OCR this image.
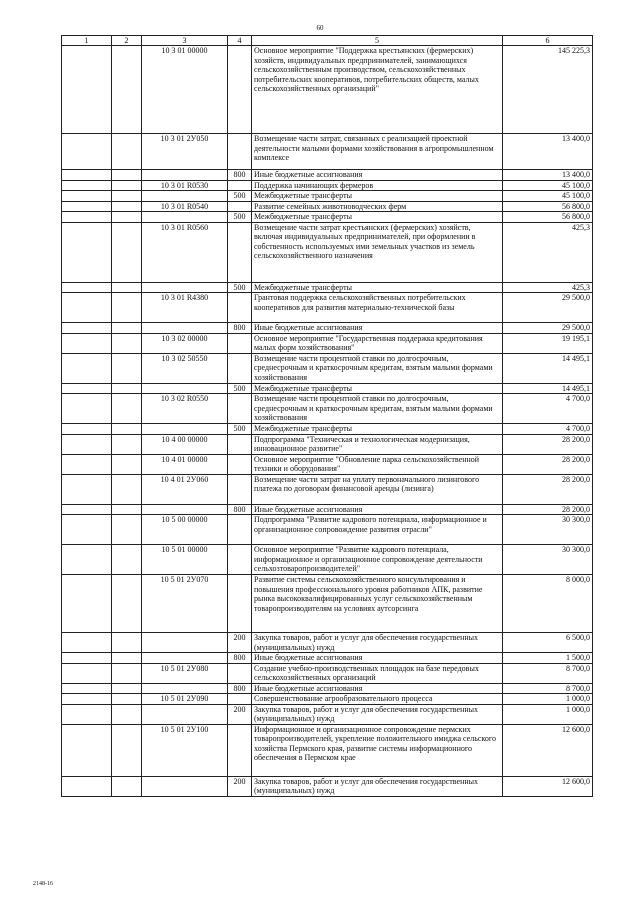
60
1	2	3	4	5	6
		10 3 01 00000		Основное мероприятие "Поддержка крестьянских (фермерских) хозяйств, индивидуальных предпринимателей, занимающихся сельскохозяйственным производством, сельскохозяйственных потребительских кооперативов, потребительских обществ, малых сельскохозяйственных организаций"	145 225,3
		10 3 01 2У050		Возмещение части затрат, связанных с реализацией проектной деятельности малыми формами хозяйствования в агропромышленном комплексе	13 400,0
			800	Иные бюджетные ассигнования	13 400,0
		10 3 01 R0530		Поддержка начинающих фермеров	45 100,0
			500	Межбюджетные трансферты	45 100,0
		10 3 01 R0540		Развитие семейных животноводческих ферм	56 800,0
			500	Межбюджетные трансферты	56 800,0
		10 3 01 R0560		Возмещение части затрат крестьянских (фермерских) хозяйств, включая индивидуальных предпринимателей, при оформлении в собственность используемых ими земельных участков из земель сельскохозяйственного назначения	425,3
			500	Межбюджетные трансферты	425,3
		10 3 01 R4380		Грантовая поддержка сельскохозяйственных потребительских кооперативов для развития материально-технической базы	29 500,0
			800	Иные бюджетные ассигнования	29 500,0
		10 3 02 00000		Основное мероприятие "Государственная поддержка кредитования малых форм хозяйствования"	19 195,1
		10 3 02 50550		Возмещение части процентной ставки по долгосрочным, среднесрочным и краткосрочным кредитам, взятым малыми формами хозяйствования	14 495,1
			500	Межбюджетные трансферты	14 495,1
		10 3 02 R0550		Возмещение части процентной ставки по долгосрочным, среднесрочным и краткосрочным кредитам, взятым малыми формами хозяйствования	4 700,0
			500	Межбюджетные трансферты	4 700,0
		10 4 00 00000		Подпрограмма "Техническая и технологическая модернизация, инновационное развитие"	28 200,0
		10 4 01 00000		Основное мероприятие "Обновление парка сельскохозяйственной техники и оборудования"	28 200,0
		10 4 01 2У060		Возмещение части затрат на уплату первоначального лизингового платежа по договорам финансовой аренды (лизинга)	28 200,0
			800	Иные бюджетные ассигнования	28 200,0
		10 5 00 00000		Подпрограмма "Развитие кадрового потенциала, информационное и организационное сопровождение развития отрасли"	30 300,0
		10 5 01 00000		Основное мероприятие "Развитие кадрового потенциала, информационное и организационное сопровождение деятельности сельхозтоваропроизводителей"	30 300,0
		10 5 01 2У070		Развитие системы сельскохозяйственного консультирования и повышения профессионального уровня работников АПК, развитие рынка высококвалифицированных услуг сельскохозяйственным товаропроизводителям на условиях аутсорсинга	8 000,0
			200	Закупка товаров, работ и услуг для обеспечения государственных (муниципальных) нужд	6 500,0
			800	Иные бюджетные ассигнования	1 500,0
		10 5 01 2У080		Создание учебно-производственных площадок на базе передовых сельскохозяйственных организаций	8 700,0
			800	Иные бюджетные ассигнования	8 700,0
		10 5 01 2У090		Совершенствование агрообразовательного процесса	1 000,0
			200	Закупка товаров, работ и услуг для обеспечения государственных (муниципальных) нужд	1 000,0
		10 5 01 2У100		Информационное и организационное сопровождение пермских товаропроизводителей, укрепление положительного имиджа сельского хозяйства Пермского края, развитие системы информационного обеспечения в Пермском крае	12 600,0
			200	Закупка товаров, работ и услуг для обеспечения государственных (муниципальных) нужд	12 600,0
2148-16
